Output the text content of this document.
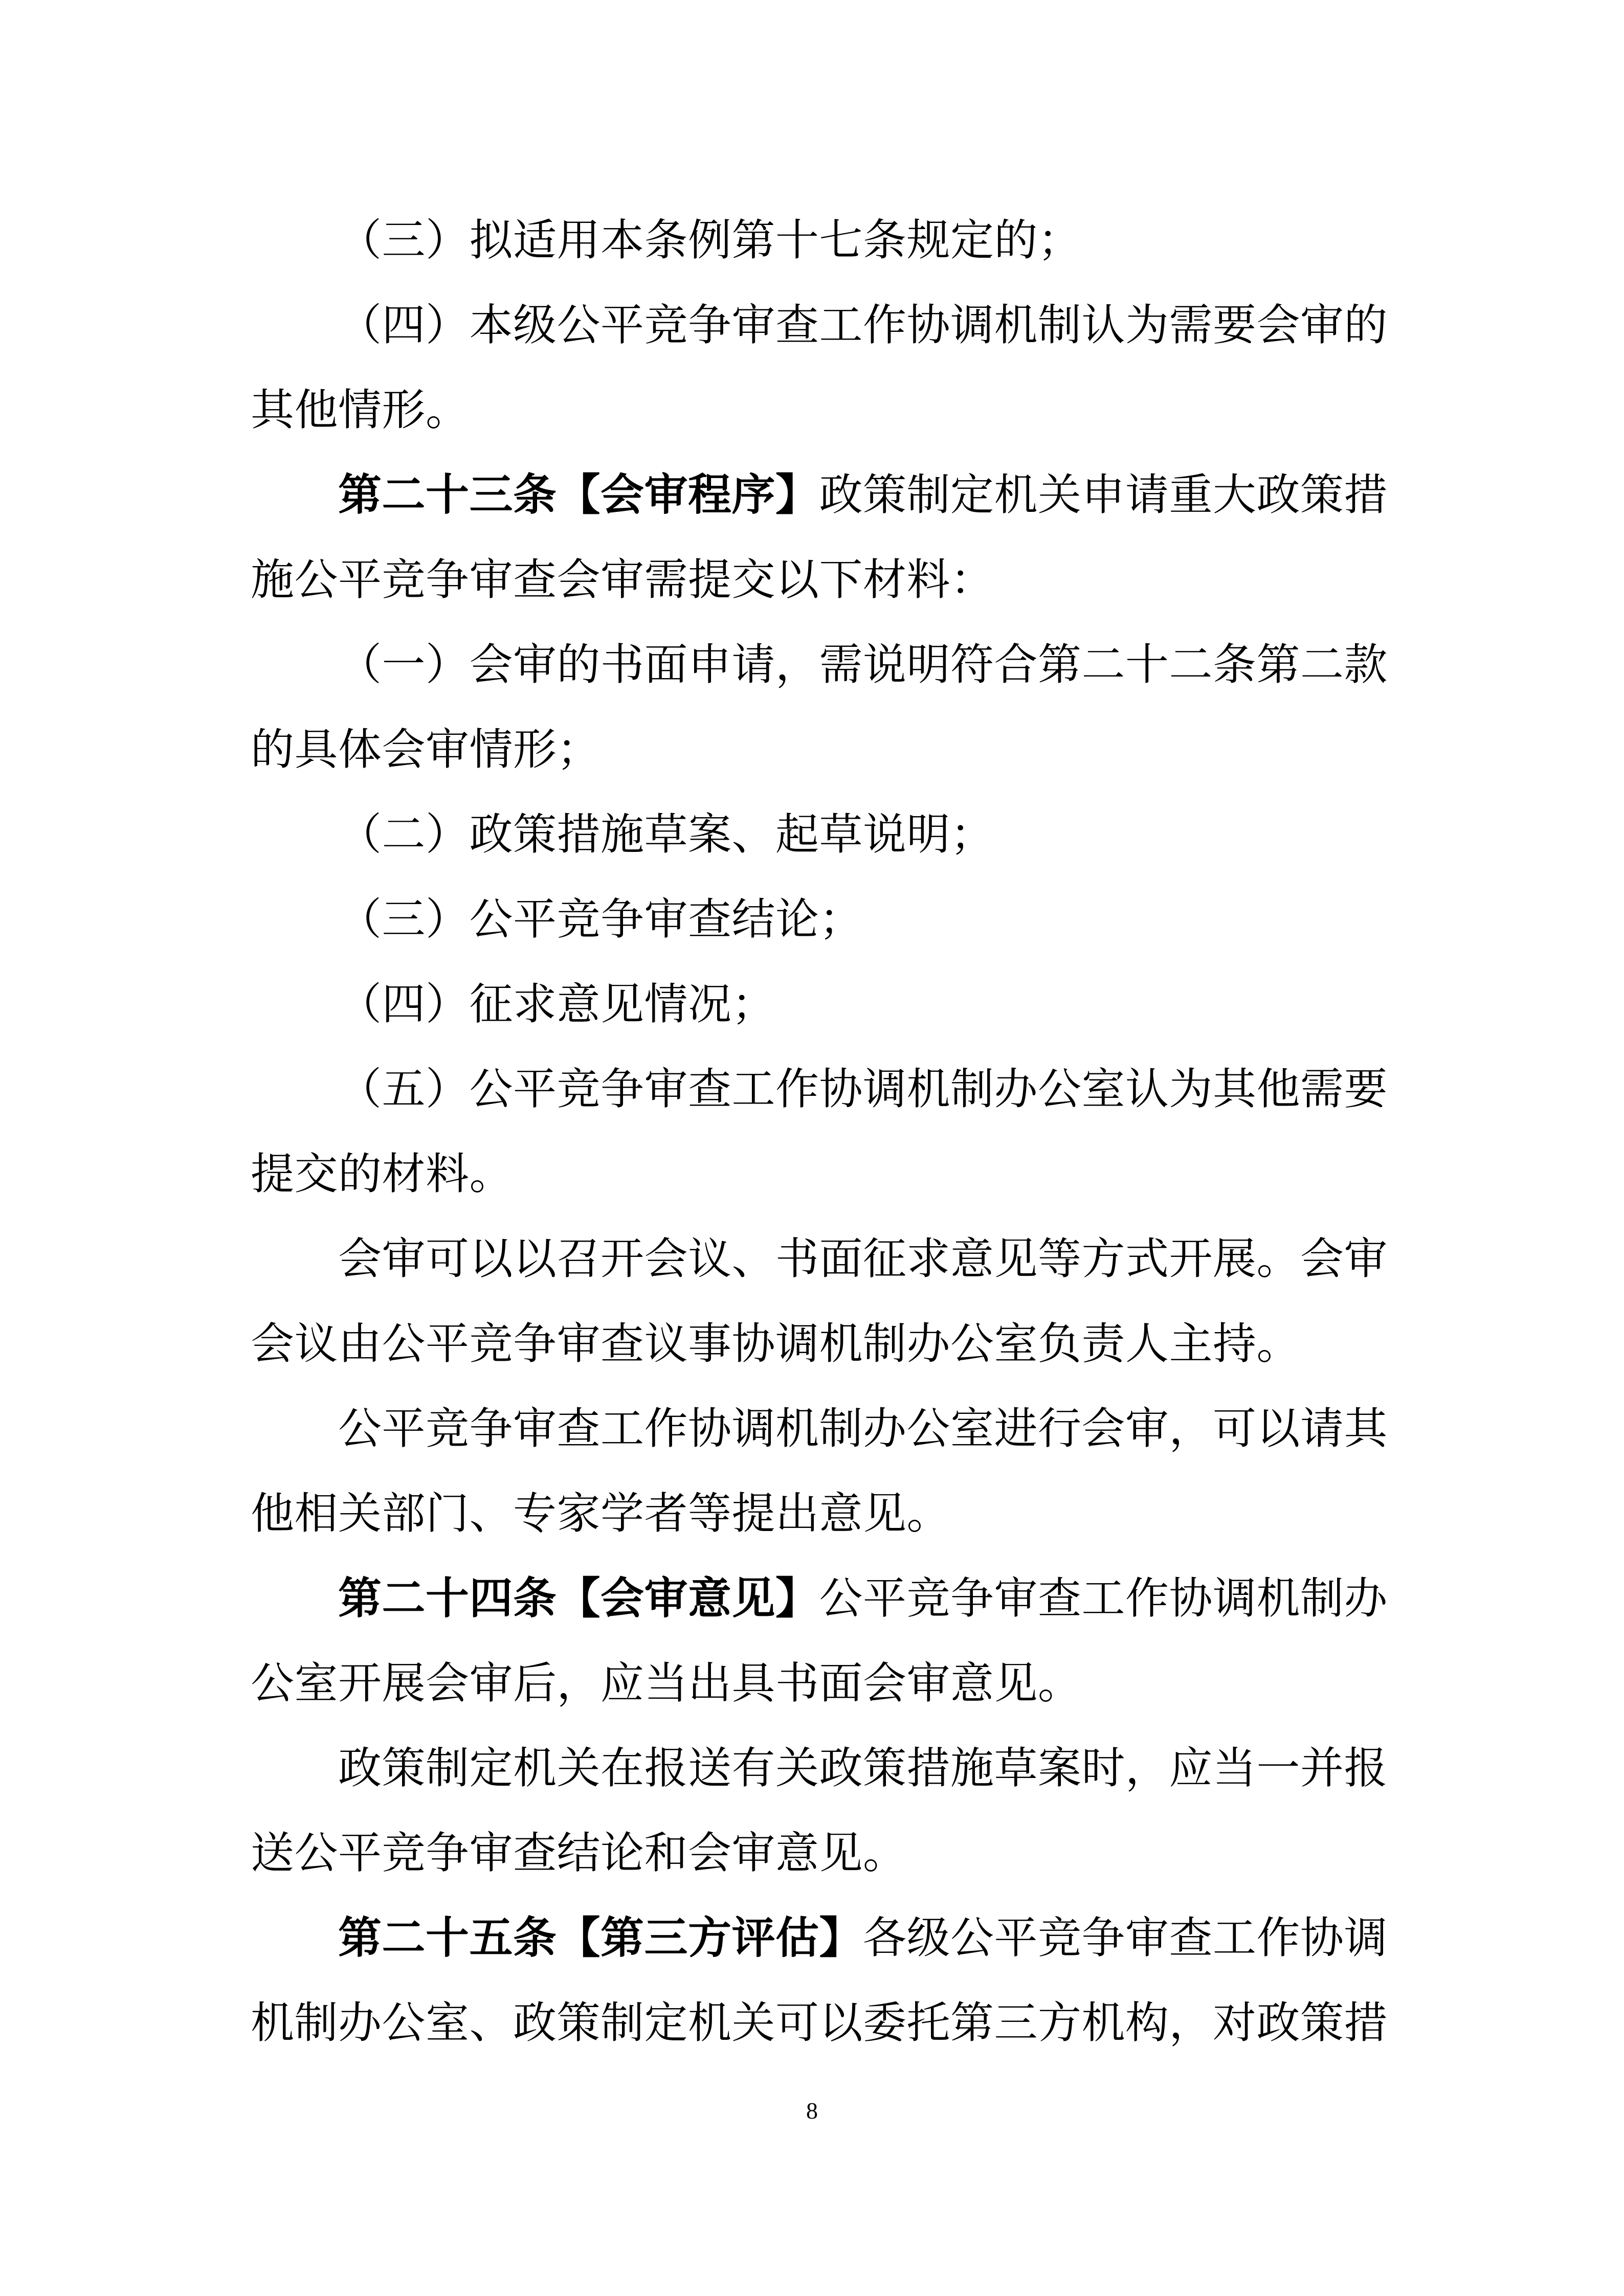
（三）拟适用本条例第十七条规定的；
（四）本级公平竞争审查工作协调机制认为需要会审的
其他情形。
第二十三条【会审程序】政策制定机关申请重大政策措
施公平竞争审查会审需提交以下材料：
（一）会审的书面申请，需说明符合第二十二条第二款
的具体会审情形；
（二）政策措施草案、起草说明；
（三）公平竞争审查结论；
（四）征求意见情况；
（五）公平竞争审查工作协调机制办公室认为其他需要
提交的材料。
会审可以以召开会议、书面征求意见等方式开展。会审
会议由公平竞争审查议事协调机制办公室负责人主持。
公平竞争审查工作协调机制办公室进行会审，可以请其
他相关部门、专家学者等提出意见。
第二十四条【会审意见】公平竞争审查工作协调机制办
公室开展会审后，应当出具书面会审意见。
政策制定机关在报送有关政策措施草案时，应当一并报
送公平竞争审查结论和会审意见。
第二十五条【第三方评估】各级公平竞争审查工作协调
机制办公室、政策制定机关可以委托第三方机构，对政策措
8
